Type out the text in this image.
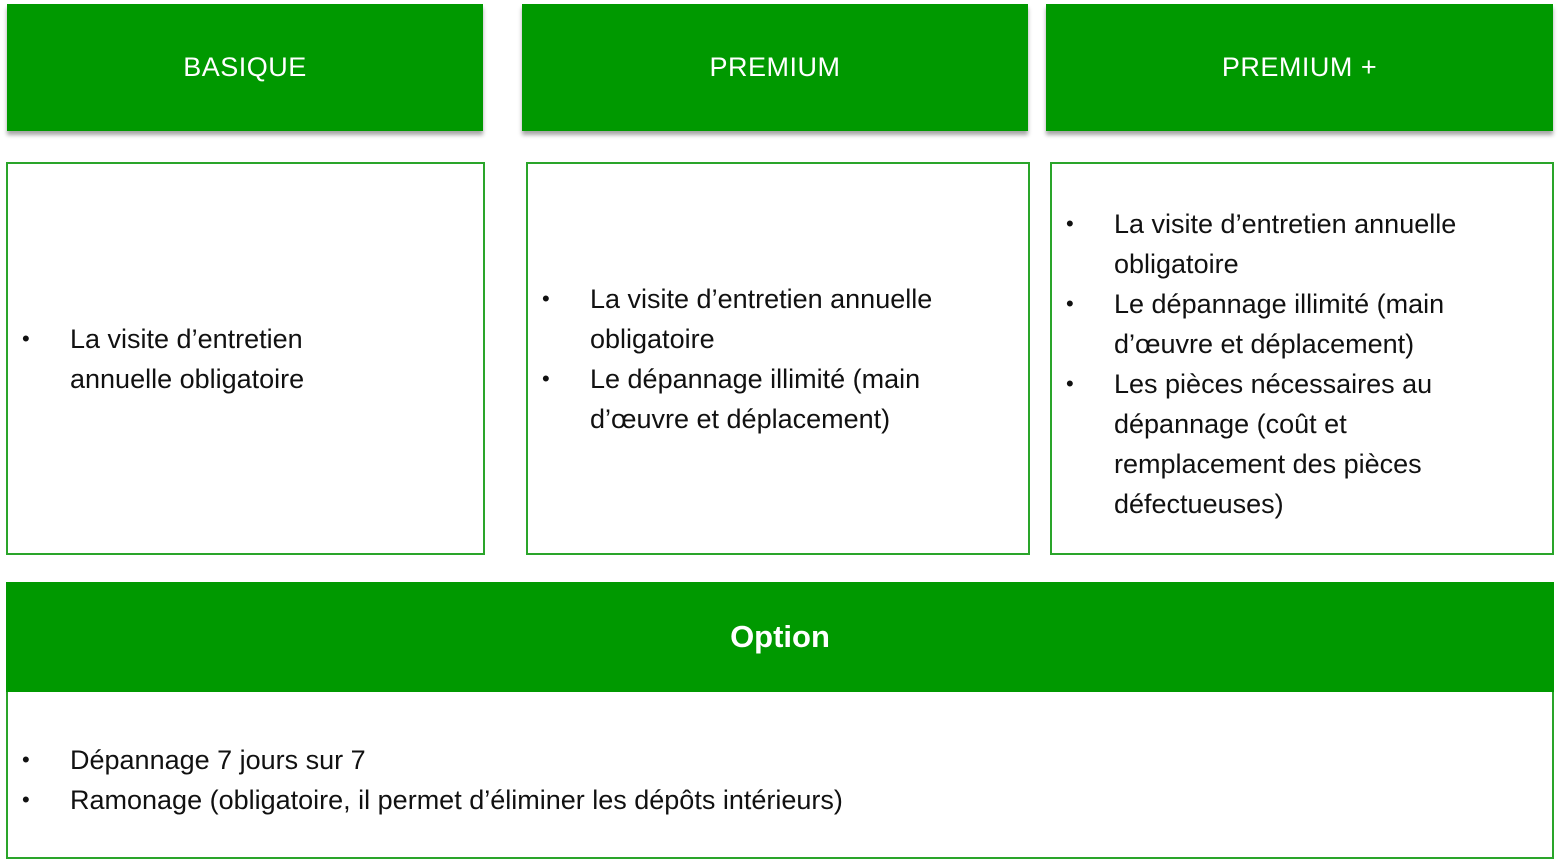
BASIQUE	PREMIUM	PREMIUM +
• La visite d’entretien annuelle obligatoire
• La visite d’entretien annuelle obligatoire
• Le dépannage illimité (main d’œuvre et déplacement)
• La visite d’entretien annuelle obligatoire
• Le dépannage illimité (main d’œuvre et déplacement)
• Les pièces nécessaires au dépannage (coût et remplacement des pièces défectueuses)
Option
• Dépannage 7 jours sur 7
• Ramonage (obligatoire, il permet d’éliminer les dépôts intérieurs)
